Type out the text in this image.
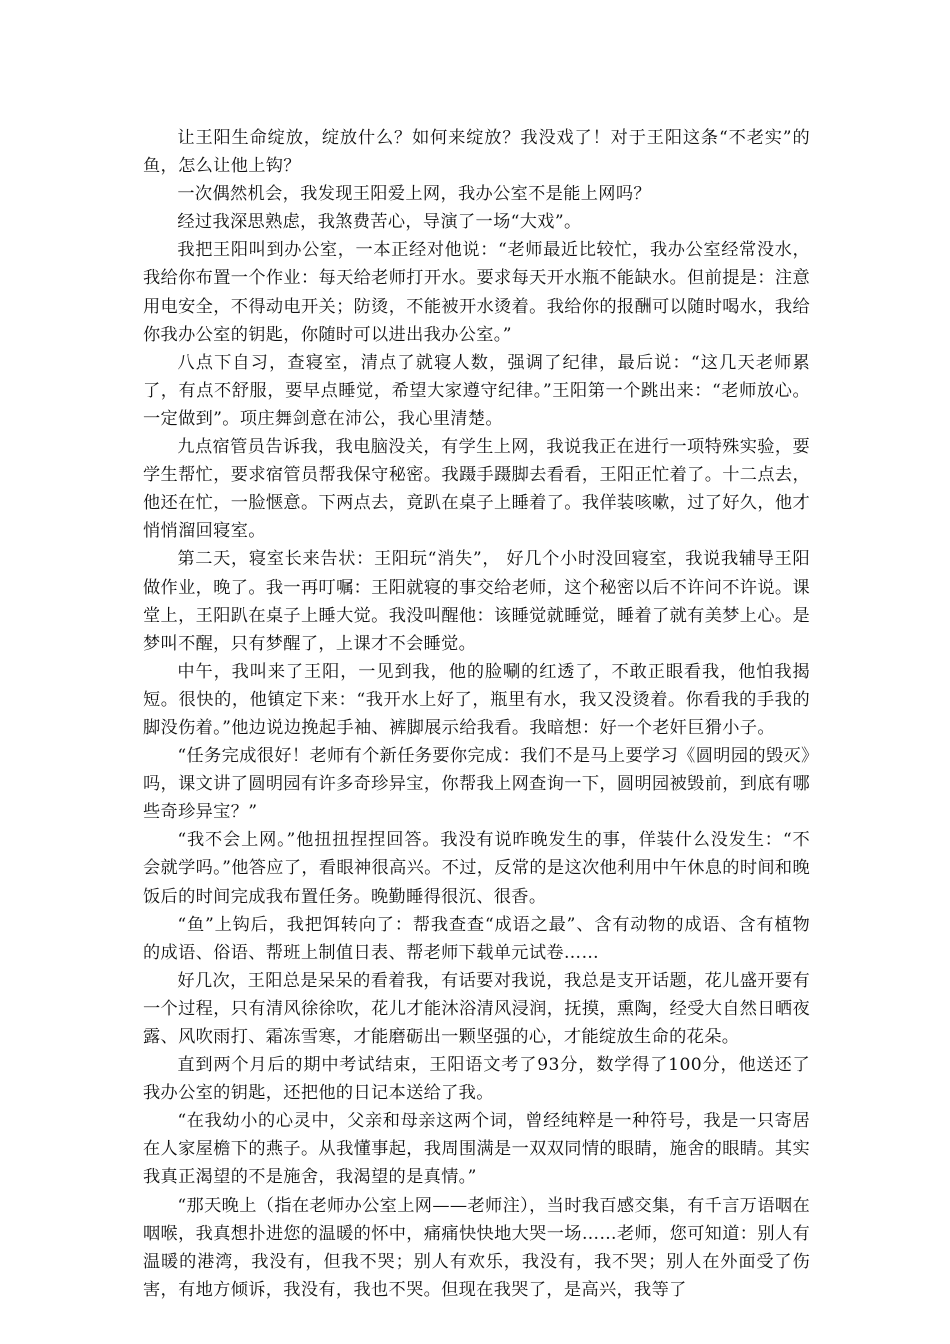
让王阳生命绽放，绽放什么？如何来绽放？我没戏了！对于王阳这条“不老实”的鱼，怎么让他上钩？

一次偶然机会，我发现王阳爱上网，我办公室不是能上网吗？

经过我深思熟虑，我煞费苦心，导演了一场“大戏”。

我把王阳叫到办公室，一本正经对他说：“老师最近比较忙，我办公室经常没水，我给你布置一个作业：每天给老师打开水。要求每天开水瓶不能缺水。但前提是：注意用电安全，不得动电开关；防烫，不能被开水烫着。我给你的报酬可以随时喝水，我给你我办公室的钥匙，你随时可以进出我办公室。”

八点下自习，查寝室，清点了就寝人数，强调了纪律，最后说：“这几天老师累了，有点不舒服，要早点睡觉，希望大家遵守纪律。”王阳第一个跳出来：“老师放心。一定做到”。项庄舞剑意在沛公，我心里清楚。

九点宿管员告诉我，我电脑没关，有学生上网，我说我正在进行一项特殊实验，要学生帮忙，要求宿管员帮我保守秘密。我蹑手蹑脚去看看，王阳正忙着了。十二点去，他还在忙，一脸惬意。下两点去，竟趴在桌子上睡着了。我佯装咳嗽，过了好久，他才悄悄溜回寝室。

第二天，寝室长来告状：王阳玩“消失”， 好几个小时没回寝室，我说我辅导王阳做作业，晚了。我一再叮嘱：王阳就寝的事交给老师，这个秘密以后不许问不许说。课堂上，王阳趴在桌子上睡大觉。我没叫醒他：该睡觉就睡觉，睡着了就有美梦上心。是梦叫不醒，只有梦醒了，上课才不会睡觉。

中午，我叫来了王阳，一见到我，他的脸唰的红透了，不敢正眼看我，他怕我揭短。很快的，他镇定下来：“我开水上好了，瓶里有水，我又没烫着。你看我的手我的脚没伤着。”他边说边挽起手袖、裤脚展示给我看。我暗想：好一个老奸巨猾小子。

“任务完成很好！老师有个新任务要你完成：我们不是马上要学习《圆明园的毁灭》吗，课文讲了圆明园有许多奇珍异宝，你帮我上网查询一下，圆明园被毁前，到底有哪些奇珍异宝？”

“我不会上网。”他扭扭捏捏回答。我没有说昨晚发生的事，佯装什么没发生：“不会就学吗。”他答应了，看眼神很高兴。不过，反常的是这次他利用中午休息的时间和晚饭后的时间完成我布置任务。晚勤睡得很沉、很香。

“鱼”上钩后，我把饵转向了：帮我查查“成语之最”、含有动物的成语、含有植物的成语、俗语、帮班上制值日表、帮老师下载单元试卷……

好几次，王阳总是呆呆的看着我，有话要对我说，我总是支开话题，花儿盛开要有一个过程，只有清风徐徐吹，花儿才能沐浴清风浸润，抚摸，熏陶，经受大自然日晒夜露、风吹雨打、霜冻雪寒，才能磨砺出一颗坚强的心，才能绽放生命的花朵。

直到两个月后的期中考试结束，王阳语文考了93分，数学得了100分，他送还了我办公室的钥匙，还把他的日记本送给了我。

“在我幼小的心灵中，父亲和母亲这两个词，曾经纯粹是一种符号，我是一只寄居在人家屋檐下的燕子。从我懂事起，我周围满是一双双同情的眼睛，施舍的眼睛。其实我真正渴望的不是施舍，我渴望的是真情。”

“那天晚上（指在老师办公室上网——老师注），当时我百感交集，有千言万语咽在咽喉，我真想扑进您的温暖的怀中，痛痛快快地大哭一场……老师，您可知道：别人有温暖的港湾，我没有，但我不哭；别人有欢乐，我没有，我不哭；别人在外面受了伤害，有地方倾诉，我没有，我也不哭。但现在我哭了，是高兴，我等了
